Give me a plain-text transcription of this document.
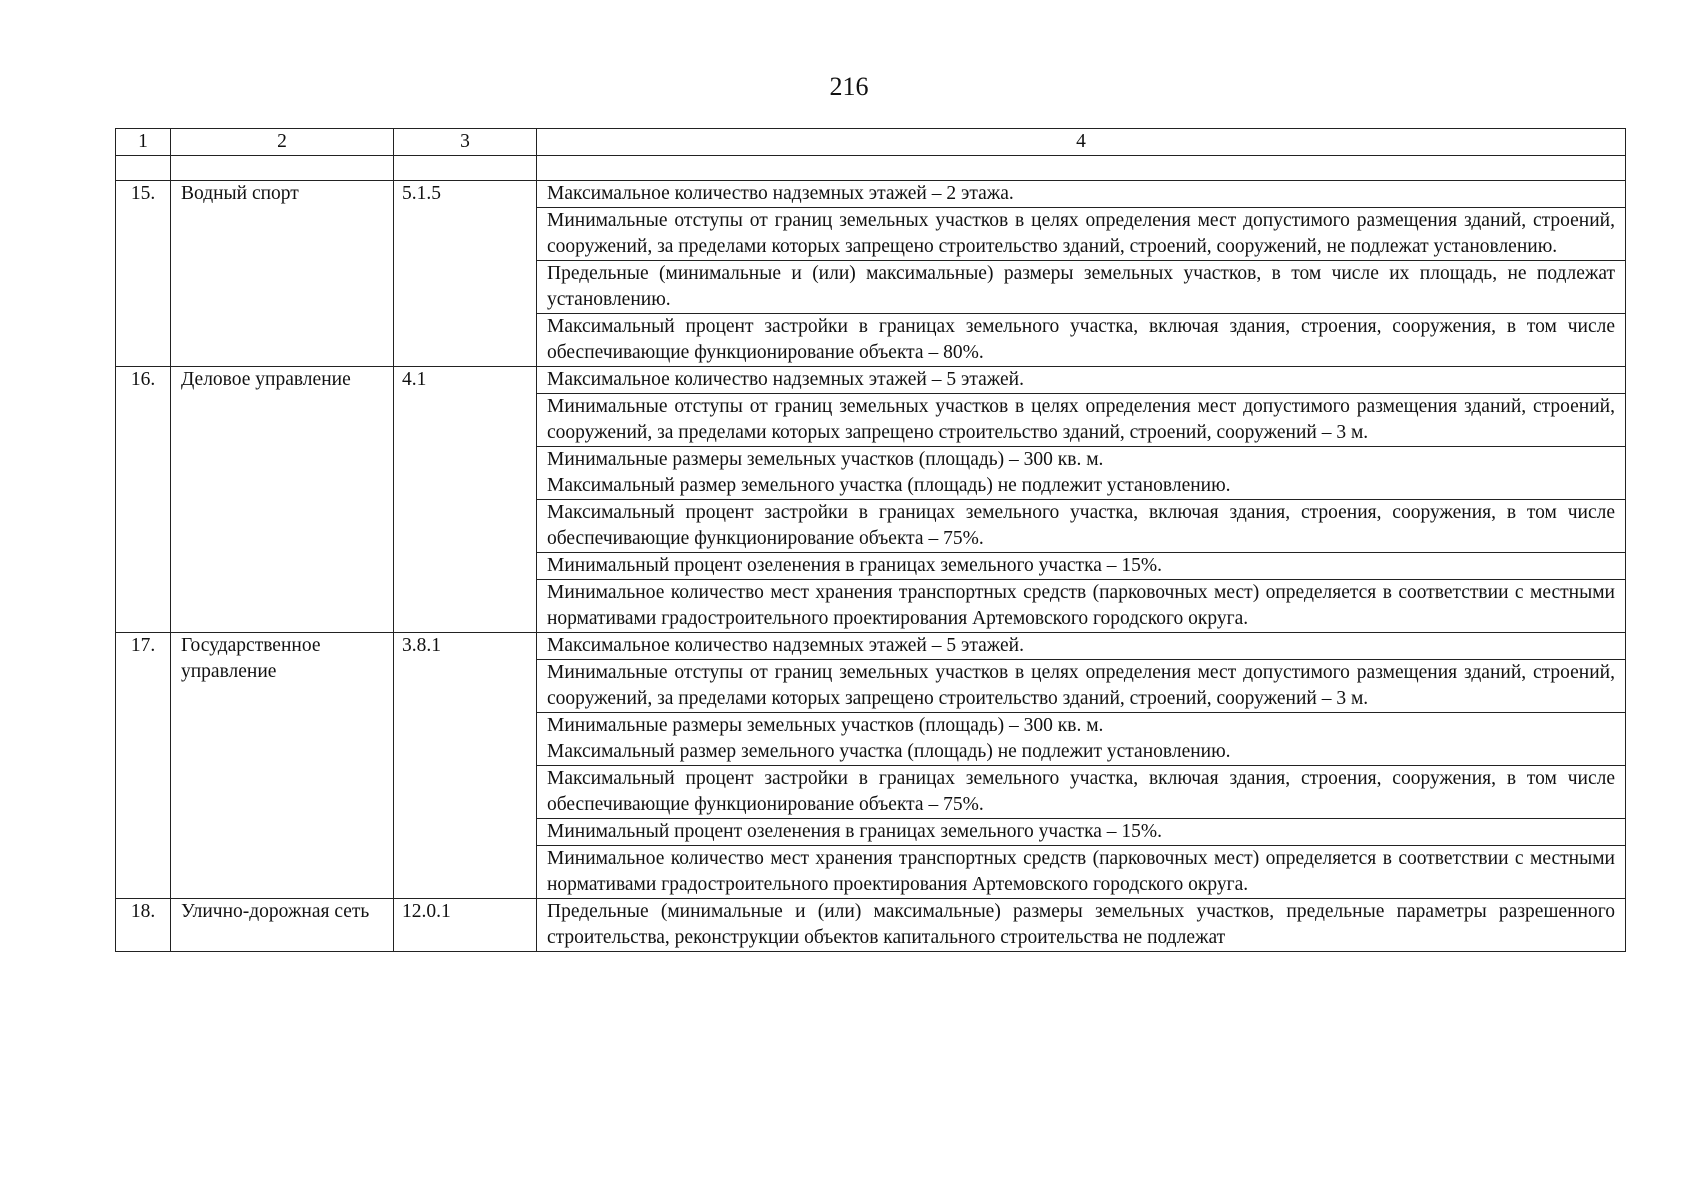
216
1	2	3	4

15.	Водный спорт	5.1.5	Максимальное количество надземных этажей – 2 этажа.

			Минимальные отступы от границ земельных участков в целях определения мест допустимого размещения зданий, строений, сооружений, за пределами которых запрещено строительство зданий, строений, сооружений, не подлежат установлению.

			Предельные (минимальные и (или) максимальные) размеры земельных участков, в том числе их площадь, не подлежат установлению.

			Максимальный процент застройки в границах земельного участка, включая здания, строения, сооружения, в том числе обеспечивающие функционирование объекта – 80%.

16.	Деловое управление	4.1	Максимальное количество надземных этажей – 5 этажей.

			Минимальные отступы от границ земельных участков в целях определения мест допустимого размещения зданий, строений, сооружений, за пределами которых запрещено строительство зданий, строений, сооружений – 3 м.

			Минимальные размеры земельных участков (площадь) – 300 кв. м.
Максимальный размер земельного участка (площадь) не подлежит установлению.

			Максимальный процент застройки в границах земельного участка, включая здания, строения, сооружения, в том числе обеспечивающие функционирование объекта – 75%.

			Минимальный процент озеленения в границах земельного участка – 15%.

			Минимальное количество мест хранения транспортных средств (парковочных мест) определяется в соответствии с местными нормативами градостроительного проектирования Артемовского городского округа.

17.	Государственное управление	3.8.1	Максимальное количество надземных этажей – 5 этажей.

			Минимальные отступы от границ земельных участков в целях определения мест допустимого размещения зданий, строений, сооружений, за пределами которых запрещено строительство зданий, строений, сооружений – 3 м.

			Минимальные размеры земельных участков (площадь) – 300 кв. м.
Максимальный размер земельного участка (площадь) не подлежит установлению.

			Максимальный процент застройки в границах земельного участка, включая здания, строения, сооружения, в том числе обеспечивающие функционирование объекта – 75%.

			Минимальный процент озеленения в границах земельного участка – 15%.

			Минимальное количество мест хранения транспортных средств (парковочных мест) определяется в соответствии с местными нормативами градостроительного проектирования Артемовского городского округа.

18.	Улично-дорожная сеть	12.0.1	Предельные (минимальные и (или) максимальные) размеры земельных участков, предельные параметры разрешенного строительства, реконструкции объектов капитального строительства не подлежат
